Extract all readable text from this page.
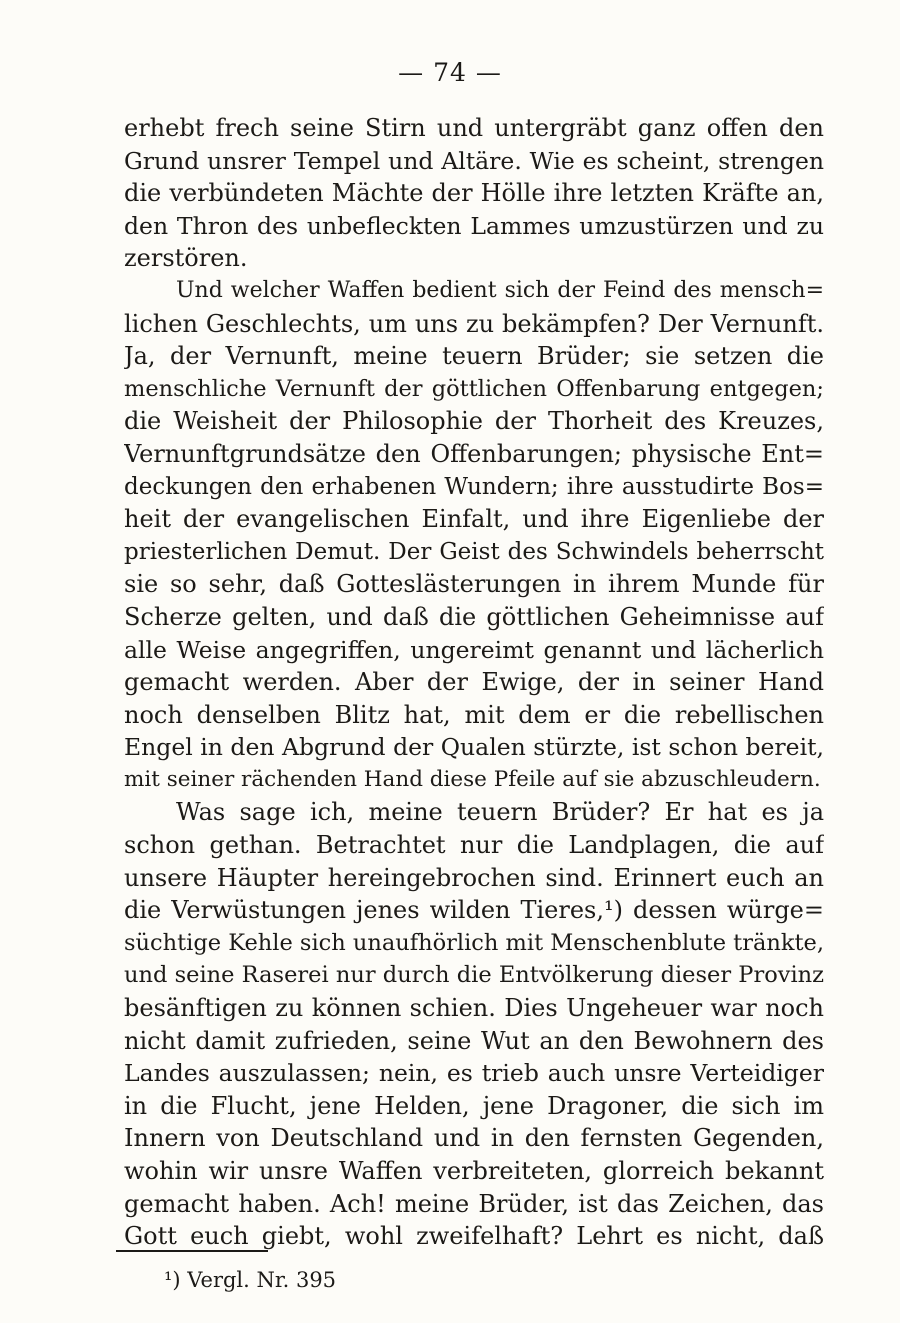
— 74 —
erhebt frech seine Stirn und untergräbt ganz offen den
Grund unsrer Tempel und Altäre. Wie es scheint, strengen
die verbündeten Mächte der Hölle ihre letzten Kräfte an,
den Thron des unbefleckten Lammes umzustürzen und zu
zerstören.
Und welcher Waffen bedient sich der Feind des mensch=
lichen Geschlechts, um uns zu bekämpfen? Der Vernunft.
Ja, der Vernunft, meine teuern Brüder; sie setzen die
menschliche Vernunft der göttlichen Offenbarung entgegen;
die Weisheit der Philosophie der Thorheit des Kreuzes,
Vernunftgrundsätze den Offenbarungen; physische Ent=
deckungen den erhabenen Wundern; ihre ausstudirte Bos=
heit der evangelischen Einfalt, und ihre Eigenliebe der
priesterlichen Demut. Der Geist des Schwindels beherrscht
sie so sehr, daß Gotteslästerungen in ihrem Munde für
Scherze gelten, und daß die göttlichen Geheimnisse auf
alle Weise angegriffen, ungereimt genannt und lächerlich
gemacht werden. Aber der Ewige, der in seiner Hand
noch denselben Blitz hat, mit dem er die rebellischen
Engel in den Abgrund der Qualen stürzte, ist schon bereit,
mit seiner rächenden Hand diese Pfeile auf sie abzuschleudern.
Was sage ich, meine teuern Brüder? Er hat es ja
schon gethan. Betrachtet nur die Landplagen, die auf
unsere Häupter hereingebrochen sind. Erinnert euch an
die Verwüstungen jenes wilden Tieres,¹) dessen würge=
süchtige Kehle sich unaufhörlich mit Menschenblute tränkte,
und seine Raserei nur durch die Entvölkerung dieser Provinz
besänftigen zu können schien. Dies Ungeheuer war noch
nicht damit zufrieden, seine Wut an den Bewohnern des
Landes auszulassen; nein, es trieb auch unsre Verteidiger
in die Flucht, jene Helden, jene Dragoner, die sich im
Innern von Deutschland und in den fernsten Gegenden,
wohin wir unsre Waffen verbreiteten, glorreich bekannt
gemacht haben. Ach! meine Brüder, ist das Zeichen, das
Gott euch giebt, wohl zweifelhaft? Lehrt es nicht, daß
¹) Vergl. Nr. 395
